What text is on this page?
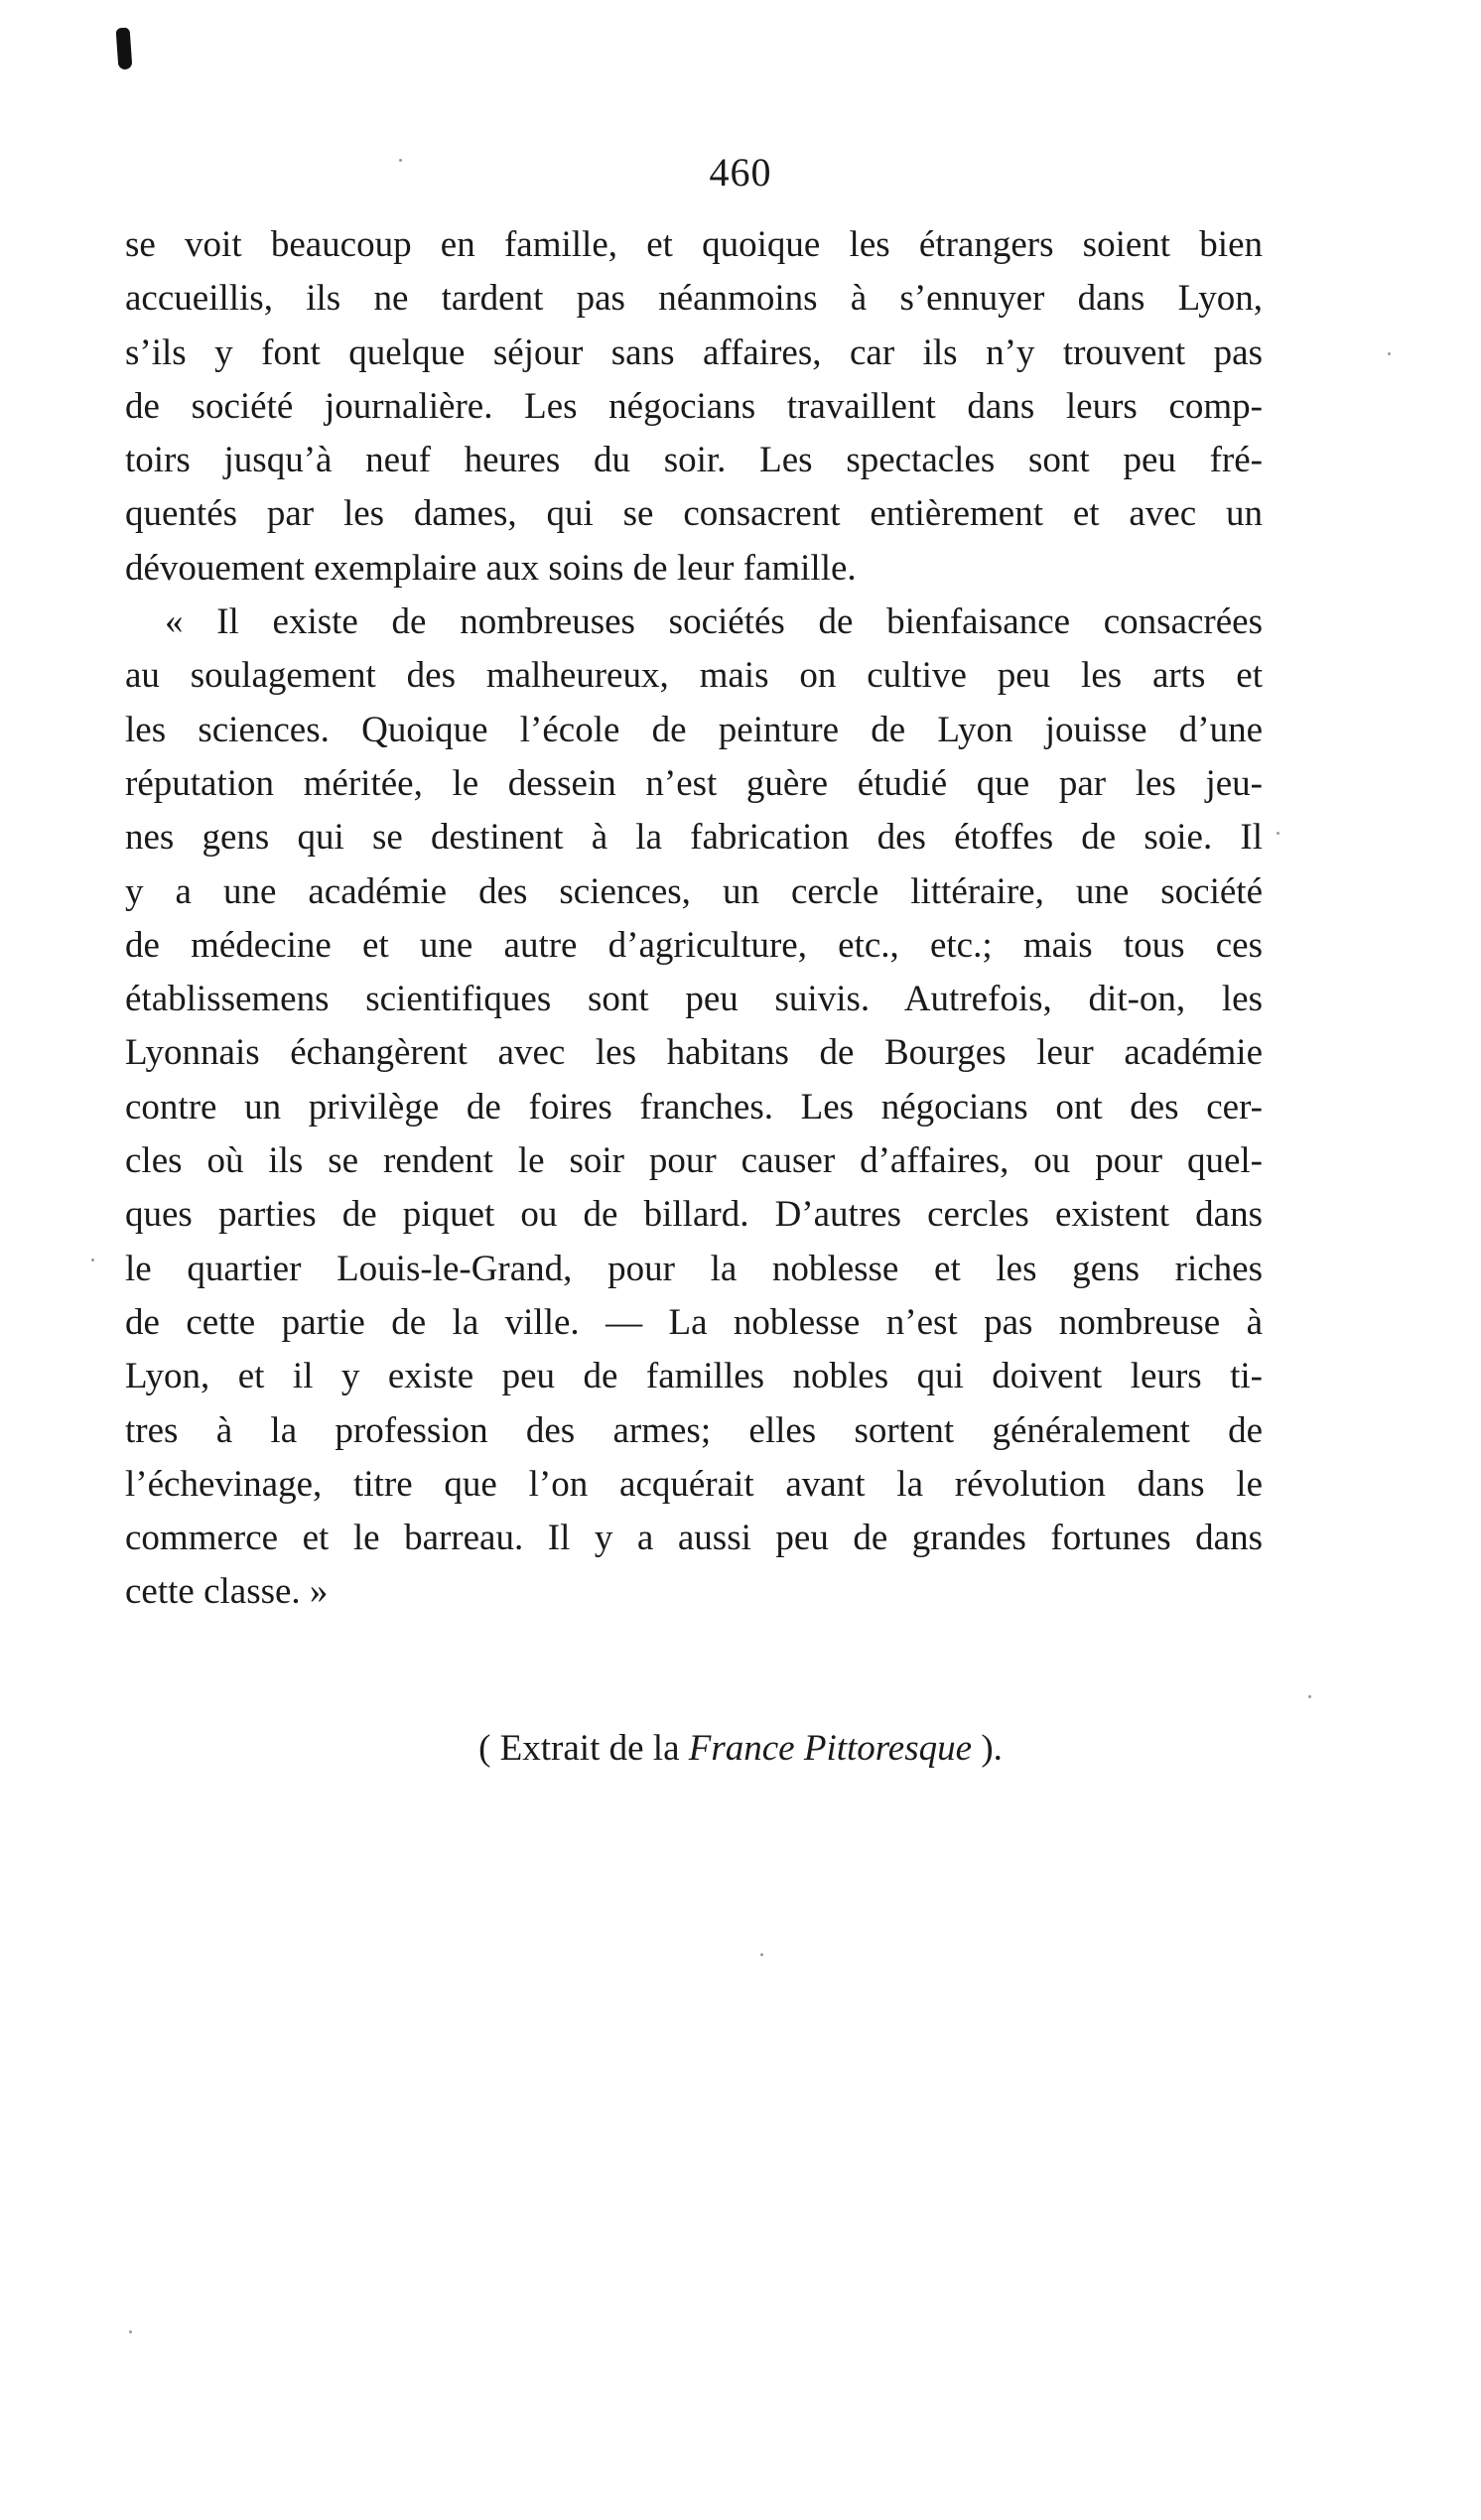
460
se voit beaucoup en famille, et quoique les étrangers soient bien
accueillis, ils ne tardent pas néanmoins à s’ennuyer dans Lyon,
s’ils y font quelque séjour sans affaires, car ils n’y trouvent pas
de société journalière. Les négocians travaillent dans leurs comp-
toirs jusqu’à neuf heures du soir. Les spectacles sont peu fré-
quentés par les dames, qui se consacrent entièrement et avec un
dévouement exemplaire aux soins de leur famille.
« Il existe de nombreuses sociétés de bienfaisance consacrées
au soulagement des malheureux, mais on cultive peu les arts et
les sciences. Quoique l’école de peinture de Lyon jouisse d’une
réputation méritée, le dessein n’est guère étudié que par les jeu-
nes gens qui se destinent à la fabrication des étoffes de soie. Il
y a une académie des sciences, un cercle littéraire, une société
de médecine et une autre d’agriculture, etc., etc.; mais tous ces
établissemens scientifiques sont peu suivis. Autrefois, dit-on, les
Lyonnais échangèrent avec les habitans de Bourges leur académie
contre un privilège de foires franches. Les négocians ont des cer-
cles où ils se rendent le soir pour causer d’affaires, ou pour quel-
ques parties de piquet ou de billard. D’autres cercles existent dans
le quartier Louis-le-Grand, pour la noblesse et les gens riches
de cette partie de la ville. — La noblesse n’est pas nombreuse à
Lyon, et il y existe peu de familles nobles qui doivent leurs ti-
tres à la profession des armes; elles sortent généralement de
l’échevinage, titre que l’on acquérait avant la révolution dans le
commerce et le barreau. Il y a aussi peu de grandes fortunes dans
cette classe. »
( Extrait de la France Pittoresque ).
